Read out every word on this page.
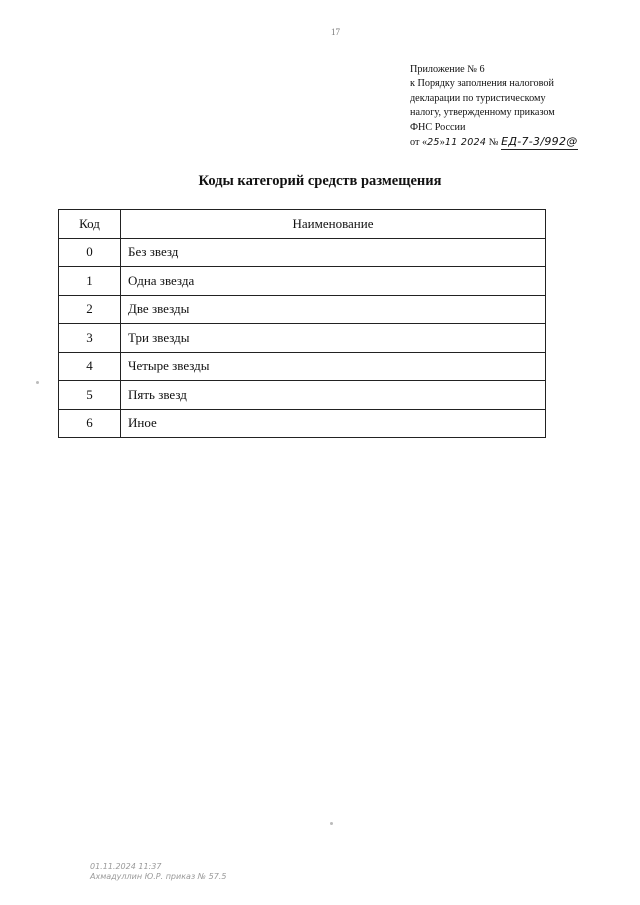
17
Приложение № 6
к Порядку заполнения налоговой
декларации по туристическому
налогу, утвержденному приказом
ФНС России
от «25»11 2024 № ЕД-7-3/992@
Коды категорий средств размещения
Код	Наименование
0	Без звезд
1	Одна звезда
2	Две звезды
3	Три звезды
4	Четыре звезды
5	Пять звезд
6	Иное
01.11.2024 11:37
Ахмадуллин Ю.Р. приказ № 57.5
